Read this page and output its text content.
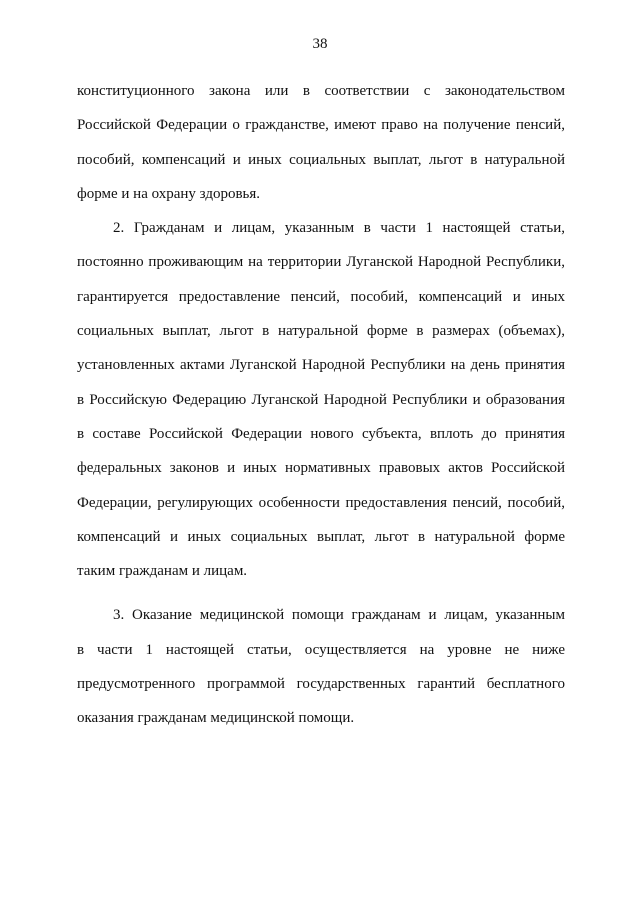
38
конституционного закона или в соответствии с законодательством
Российской Федерации о гражданстве, имеют право на получение пенсий,
пособий, компенсаций и иных социальных выплат, льгот в натуральной
форме и на охрану здоровья.
2. Гражданам и лицам, указанным в части 1 настоящей статьи,
постоянно проживающим на территории Луганской Народной Республики,
гарантируется предоставление пенсий, пособий, компенсаций и иных
социальных выплат, льгот в натуральной форме в размерах (объемах),
установленных актами Луганской Народной Республики на день принятия
в Российскую Федерацию Луганской Народной Республики и образования
в составе Российской Федерации нового субъекта, вплоть до принятия
федеральных законов и иных нормативных правовых актов Российской
Федерации, регулирующих особенности предоставления пенсий, пособий,
компенсаций и иных социальных выплат, льгот в натуральной форме
таким гражданам и лицам.
3. Оказание медицинской помощи гражданам и лицам, указанным
в части 1 настоящей статьи, осуществляется на уровне не ниже
предусмотренного программой государственных гарантий бесплатного
оказания гражданам медицинской помощи.
